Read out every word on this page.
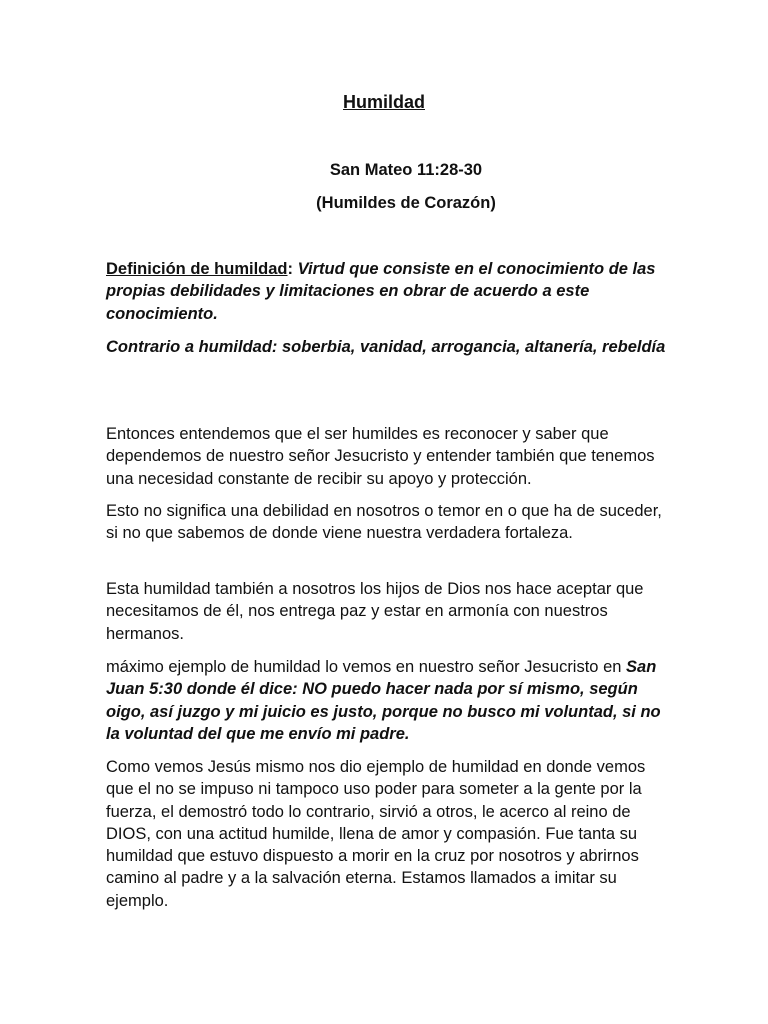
Humildad

San Mateo 11:28-30

(Humildes de Corazón)

Definición de humildad: Virtud que consiste en el conocimiento de las propias debilidades y limitaciones en obrar de acuerdo a este conocimiento.

Contrario a humildad: soberbia, vanidad, arrogancia, altanería, rebeldía

Entonces entendemos que el ser humildes es reconocer y saber que dependemos de nuestro señor Jesucristo y entender también que tenemos una necesidad constante de recibir su apoyo y protección.

Esto no significa una debilidad en nosotros o temor en o que ha de suceder, si no que sabemos de donde viene nuestra verdadera fortaleza.

Esta humildad también a nosotros los hijos de Dios nos hace aceptar que necesitamos de él, nos entrega paz y estar en armonía con nuestros hermanos.

máximo ejemplo de humildad lo vemos en nuestro señor Jesucristo en San Juan 5:30 donde él dice: NO puedo hacer nada por sí mismo, según oigo, así juzgo y mi juicio es justo, porque no busco mi voluntad, si no la voluntad del que me envío mi padre.

Como vemos Jesús mismo nos dio ejemplo de humildad en donde vemos que el no se impuso ni tampoco uso poder para someter a la gente por la fuerza, el demostró todo lo contrario, sirvió a otros, le acerco al reino de DIOS, con una actitud humilde, llena de amor y compasión. Fue tanta su humildad que estuvo dispuesto a morir en la cruz por nosotros y abrirnos camino al padre y a la salvación eterna. Estamos llamados a imitar su ejemplo.
